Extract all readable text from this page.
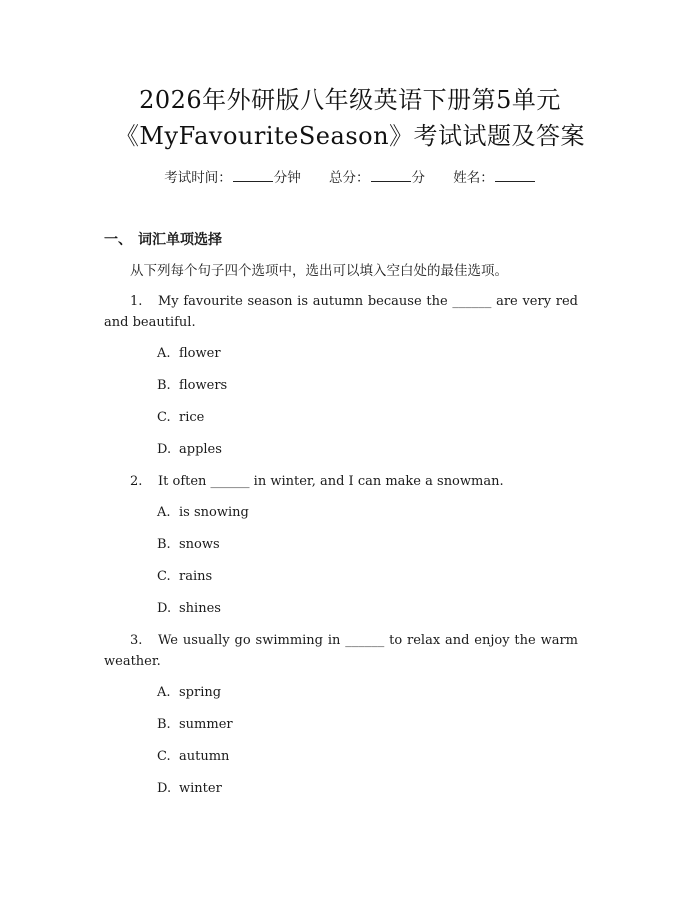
2026年外研版八年级英语下册第5单元
《MyFavouriteSeason》考试试题及答案
考试时间：	分钟 总分：	分 姓名：
一、 词汇单项选择
从下列每个句子四个选项中，选出可以填入空白处的最佳选项。
1. My favourite season is autumn because the ______ are very red and beautiful.
A. flower
B. flowers
C. rice
D. apples
2. It often ______ in winter, and I can make a snowman.
A. is snowing
B. snows
C. rains
D. shines
3. We usually go swimming in ______ to relax and enjoy the warm weather.
A. spring
B. summer
C. autumn
D. winter
